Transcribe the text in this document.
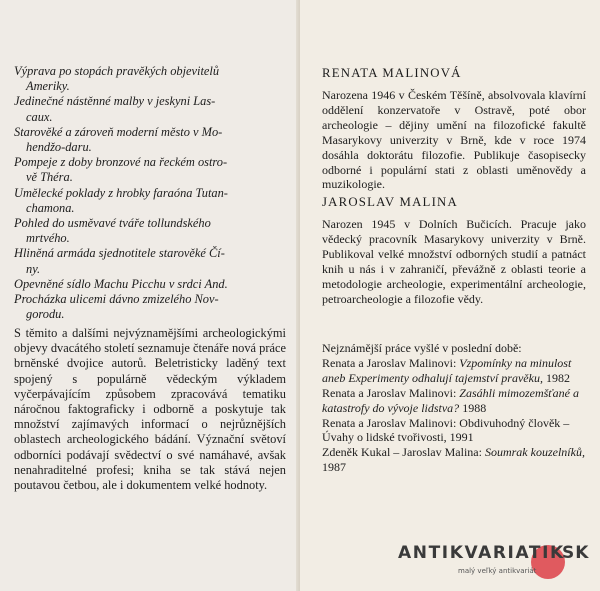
Výprava po stopách pravěkých objevitelů
Ameriky.
Jedinečné nástěnné malby v jeskyni Las-
caux.
Starověké a zároveň moderní město v Mo-
hendžo-daru.
Pompeje z doby bronzové na řeckém ostro-
vě Théra.
Umělecké poklady z hrobky faraóna Tutan-
chamona.
Pohled do usměvavé tváře tollundského
mrtvého.
Hliněná armáda sjednotitele starověké Čí-
ny.
Opevněné sídlo Machu Picchu v srdci And.
Procházka ulicemi dávno zmizelého Nov-
gorodu.

S těmito a dalšími nejvýznamějšími archeologickými objevy dvacátého století seznamuje čtenáře nová práce brněnské dvojice autorů. Beletristicky laděný text spojený s populárně vědeckým výkladem vyčerpávajícím způsobem zpracovává tematiku náročnou faktograficky i odborně a poskytuje tak množství zajímavých informací o nejrůznějších oblastech archeologického bádání. Význační světoví odborníci podávají svědectví o své namáhavé, avšak nenahraditelné profesi; kniha se tak stává nejen poutavou četbou, ale i dokumentem velké hodnoty.

RENATA MALINOVÁ

Narozena 1946 v Českém Těšíně, absolvovala klavírní oddělení konzervatoře v Ostravě, poté obor archeologie – dějiny umění na filozofické fakultě Masarykovy univerzity v Brně, kde v roce 1974 dosáhla doktorátu filozofie. Publikuje časopisecky odborné i populární stati z oblasti uměnovědy a muzikologie.

JAROSLAV MALINA

Narozen 1945 v Dolních Bučicích. Pracuje jako vědecký pracovník Masarykovy univerzity v Brně. Publikoval velké množství odborných studií a patnáct knih u nás i v zahraničí, převážně z oblasti teorie a metodologie archeologie, experimentální archeologie, petroarcheologie a filozofie vědy.

Nejznámější práce vyšlé v poslední době:
Renata a Jaroslav Malinovi: Vzpomínky na minulost aneb Experimenty odhalují tajemství pravěku, 1982
Renata a Jaroslav Malinovi: Zasáhli mimozemšťané a katastrofy do vývoje lidstva? 1988
Renata a Jaroslav Malinovi: Obdivuhodný člověk – Úvahy o lidské tvořivosti, 1991
Zdeněk Kukal – Jaroslav Malina: Soumrak kouzelníků, 1987
ANTIKVARIATIK
SK
malý veľký antikvariát
